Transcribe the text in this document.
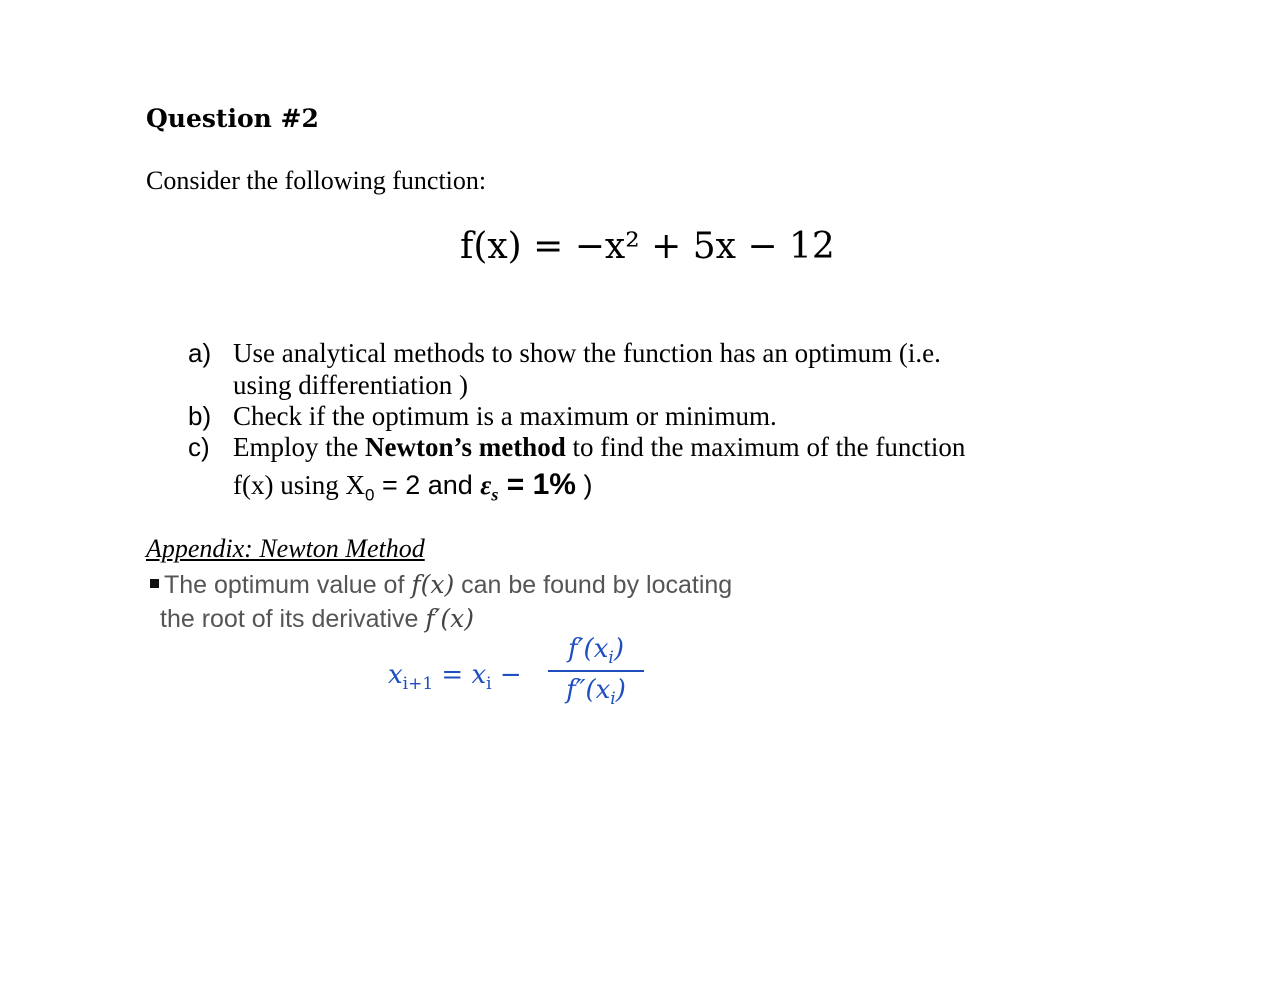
Question #2
Consider the following function:
f(x) = −x² + 5x − 12
a) Use analytical methods to show the function has an optimum (i.e.
using differentiation )
b) Check if the optimum is a maximum or minimum.
c) Employ the Newton’s method to find the maximum of the function
f(x) using $X_0 = 2$ and $\varepsilon_s = 1\%$ )
Appendix: Newton Method
The optimum value of f(x) can be found by locating
the root of its derivative f′(x)
$x_{i+1} = x_i$ −
$f'(x_i)$
$f''(x_i)$
